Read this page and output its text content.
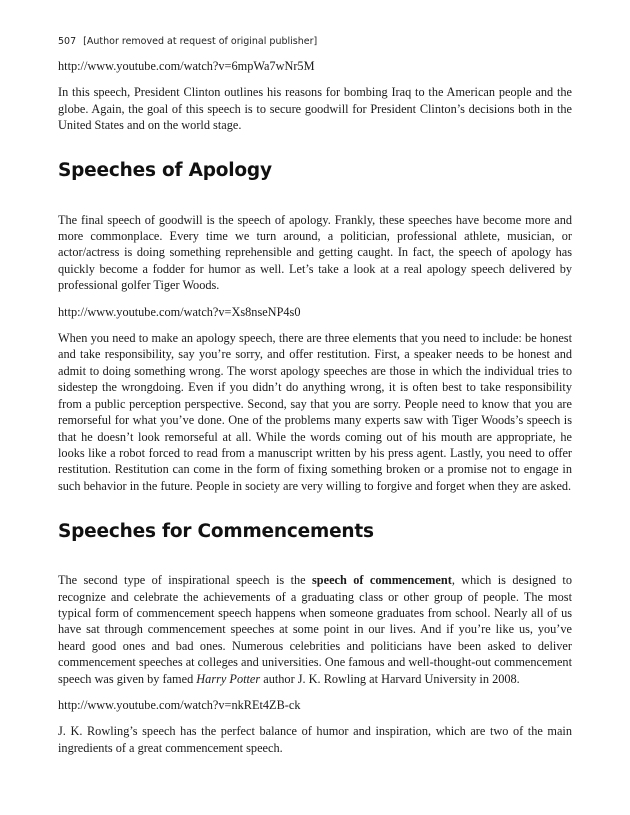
507 [Author removed at request of original publisher]

http://www.youtube.com/watch?v=6mpWa7wNr5M

In this speech, President Clinton outlines his reasons for bombing Iraq to the American people and the globe. Again, the goal of this speech is to secure goodwill for President Clinton’s decisions both in the United States and on the world stage.

Speeches of Apology

The final speech of goodwill is the speech of apology. Frankly, these speeches have become more and more commonplace. Every time we turn around, a politician, professional athlete, musician, or actor/actress is doing something reprehensible and getting caught. In fact, the speech of apology has quickly become a fodder for humor as well. Let’s take a look at a real apology speech delivered by professional golfer Tiger Woods.

http://www.youtube.com/watch?v=Xs8nseNP4s0

When you need to make an apology speech, there are three elements that you need to include: be honest and take responsibility, say you’re sorry, and offer restitution. First, a speaker needs to be honest and admit to doing something wrong. The worst apology speeches are those in which the individual tries to sidestep the wrongdoing. Even if you didn’t do anything wrong, it is often best to take responsibility from a public perception perspective. Second, say that you are sorry. People need to know that you are remorseful for what you’ve done. One of the problems many experts saw with Tiger Woods’s speech is that he doesn’t look remorseful at all. While the words coming out of his mouth are appropriate, he looks like a robot forced to read from a manuscript written by his press agent. Lastly, you need to offer restitution. Restitution can come in the form of fixing something broken or a promise not to engage in such behavior in the future. People in society are very willing to forgive and forget when they are asked.

Speeches for Commencements

The second type of inspirational speech is the speech of commencement, which is designed to recognize and celebrate the achievements of a graduating class or other group of people. The most typical form of commencement speech happens when someone graduates from school. Nearly all of us have sat through commencement speeches at some point in our lives. And if you’re like us, you’ve heard good ones and bad ones. Numerous celebrities and politicians have been asked to deliver commencement speeches at colleges and universities. One famous and well-thought-out commencement speech was given by famed Harry Potter author J. K. Rowling at Harvard University in 2008.

http://www.youtube.com/watch?v=nkREt4ZB-ck

J. K. Rowling’s speech has the perfect balance of humor and inspiration, which are two of the main ingredients of a great commencement speech.
